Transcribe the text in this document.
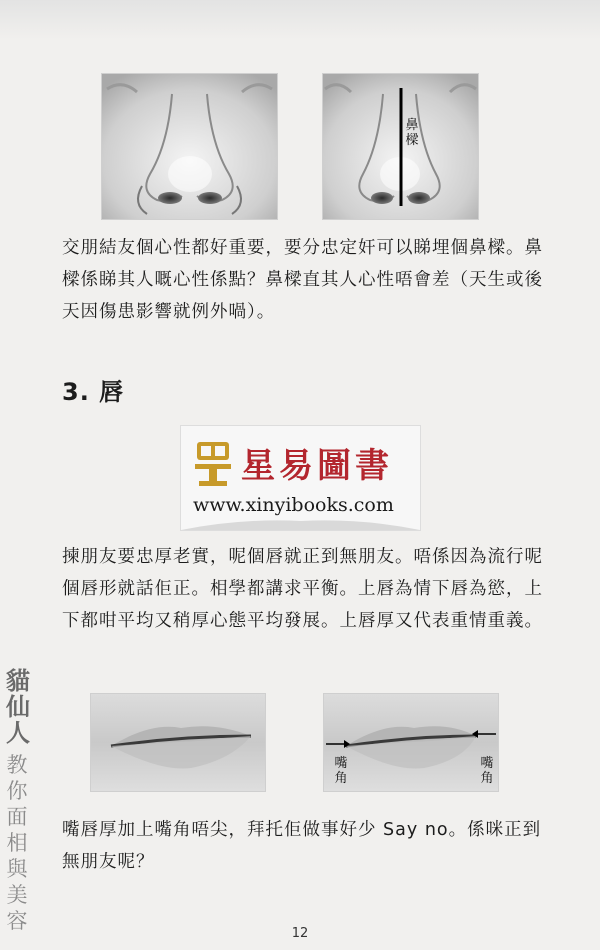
鼻樑

交朋結友個心性都好重要，要分忠定奸可以睇埋個鼻樑。鼻樑係睇其人嘅心性係點？鼻樑直其人心性唔會差（天生或後天因傷患影響就例外喎）。

3. 唇
星易圖書
www.xinyibooks.com

揀朋友要忠厚老實，呢個唇就正到無朋友。唔係因為流行呢個唇形就話佢正。相學都講求平衡。上唇為情下唇為慾，上下都咁平均又稍厚心態平均發展。上唇厚又代表重情重義。

嘴角
嘴角

嘴唇厚加上嘴角唔尖，拜托佢做事好少 Say no。係咪正到無朋友呢？

貓仙人
教你面相與美容
12
